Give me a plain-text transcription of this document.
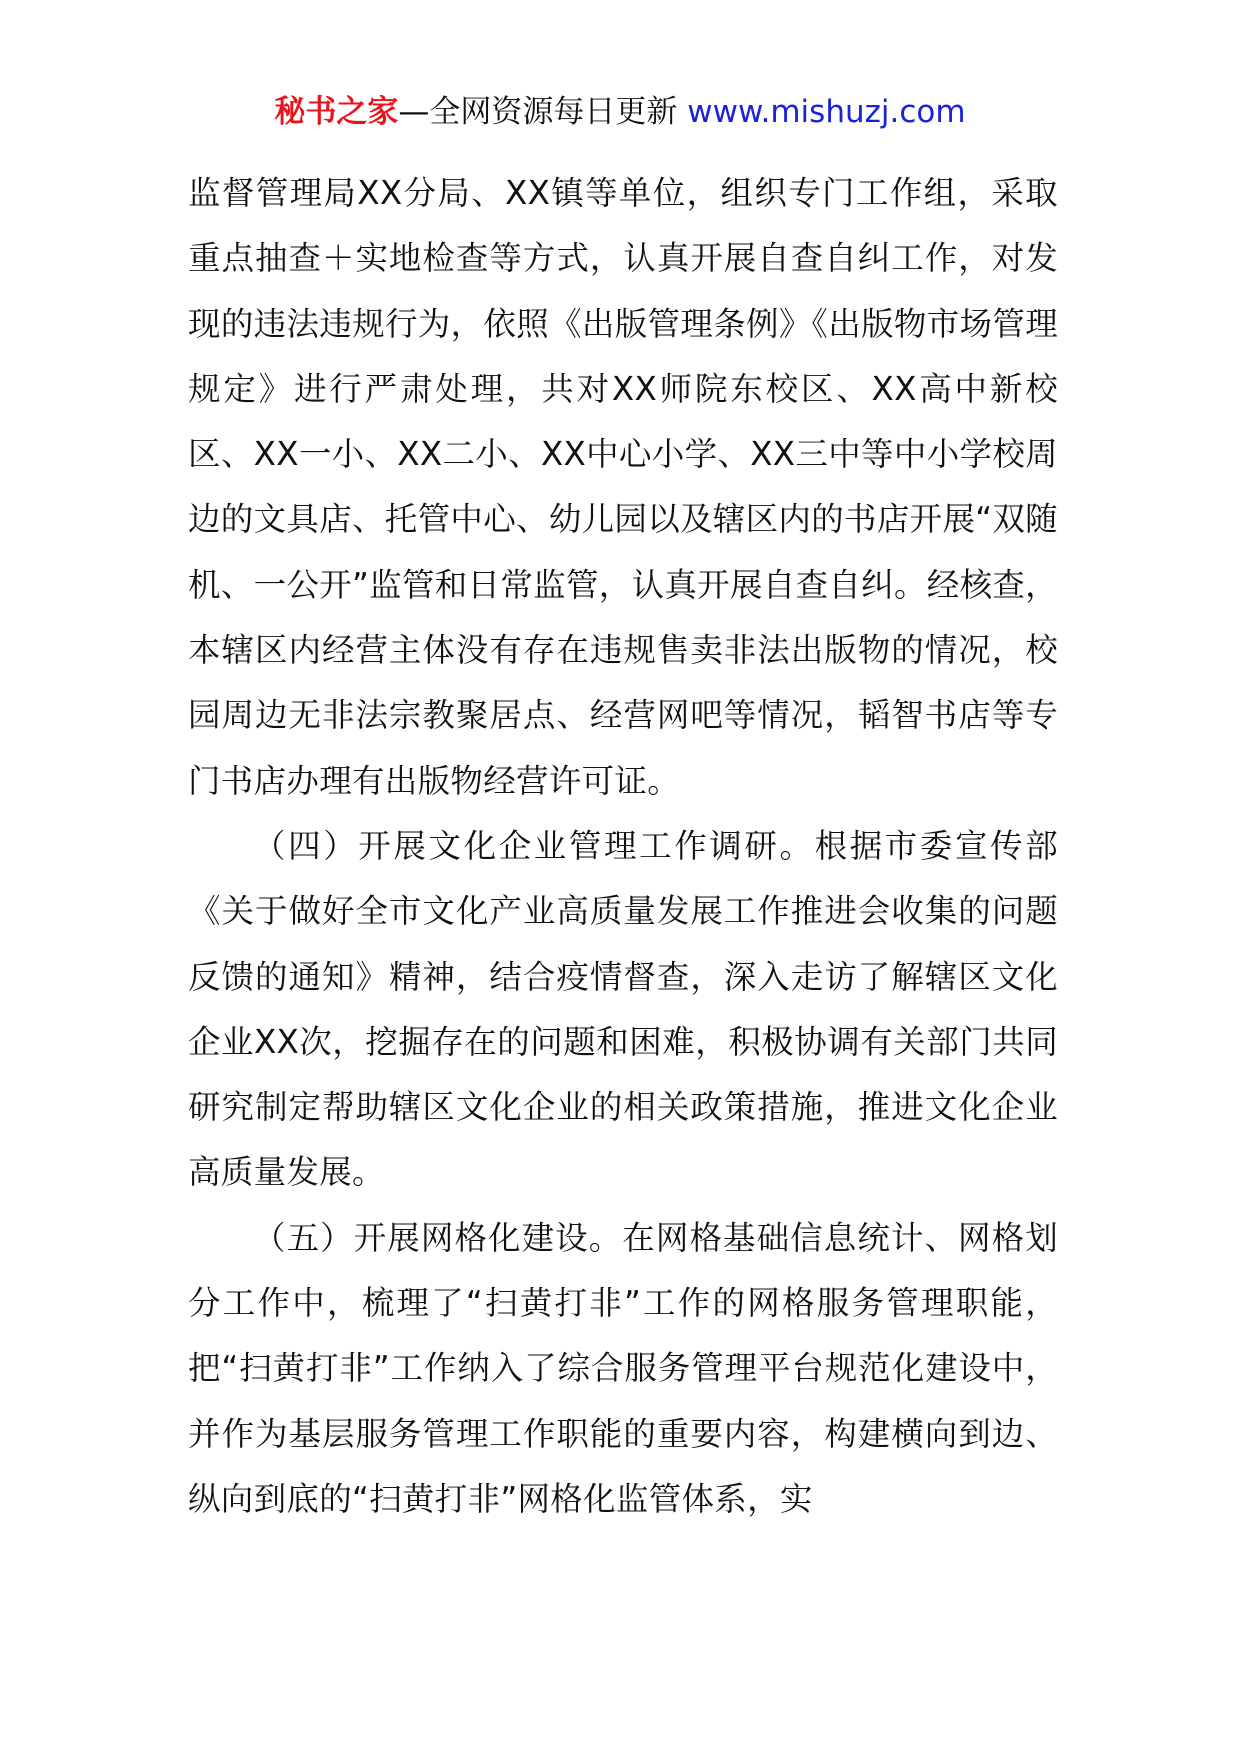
秘书之家—全网资源每日更新 www.mishuzj.com

监督管理局XX分局、XX镇等单位，组织专门工作组，采取重点抽查＋实地检查等方式，认真开展自查自纠工作，对发现的违法违规行为，依照《出版管理条例》《出版物市场管理规定》进行严肃处理，共对XX师院东校区、XX高中新校区、XX一小、XX二小、XX中心小学、XX三中等中小学校周边的文具店、托管中心、幼儿园以及辖区内的书店开展“双随机、一公开”监管和日常监管，认真开展自查自纠。经核查，本辖区内经营主体没有存在违规售卖非法出版物的情况，校园周边无非法宗教聚居点、经营网吧等情况，韬智书店等专门书店办理有出版物经营许可证。

（四）开展文化企业管理工作调研。根据市委宣传部《关于做好全市文化产业高质量发展工作推进会收集的问题反馈的通知》精神，结合疫情督查，深入走访了解辖区文化企业XX次，挖掘存在的问题和困难，积极协调有关部门共同研究制定帮助辖区文化企业的相关政策措施，推进文化企业高质量发展。

（五）开展网格化建设。在网格基础信息统计、网格划分工作中，梳理了“扫黄打非”工作的网格服务管理职能，把“扫黄打非”工作纳入了综合服务管理平台规范化建设中，并作为基层服务管理工作职能的重要内容，构建横向到边、纵向到底的“扫黄打非”网格化监管体系，实
